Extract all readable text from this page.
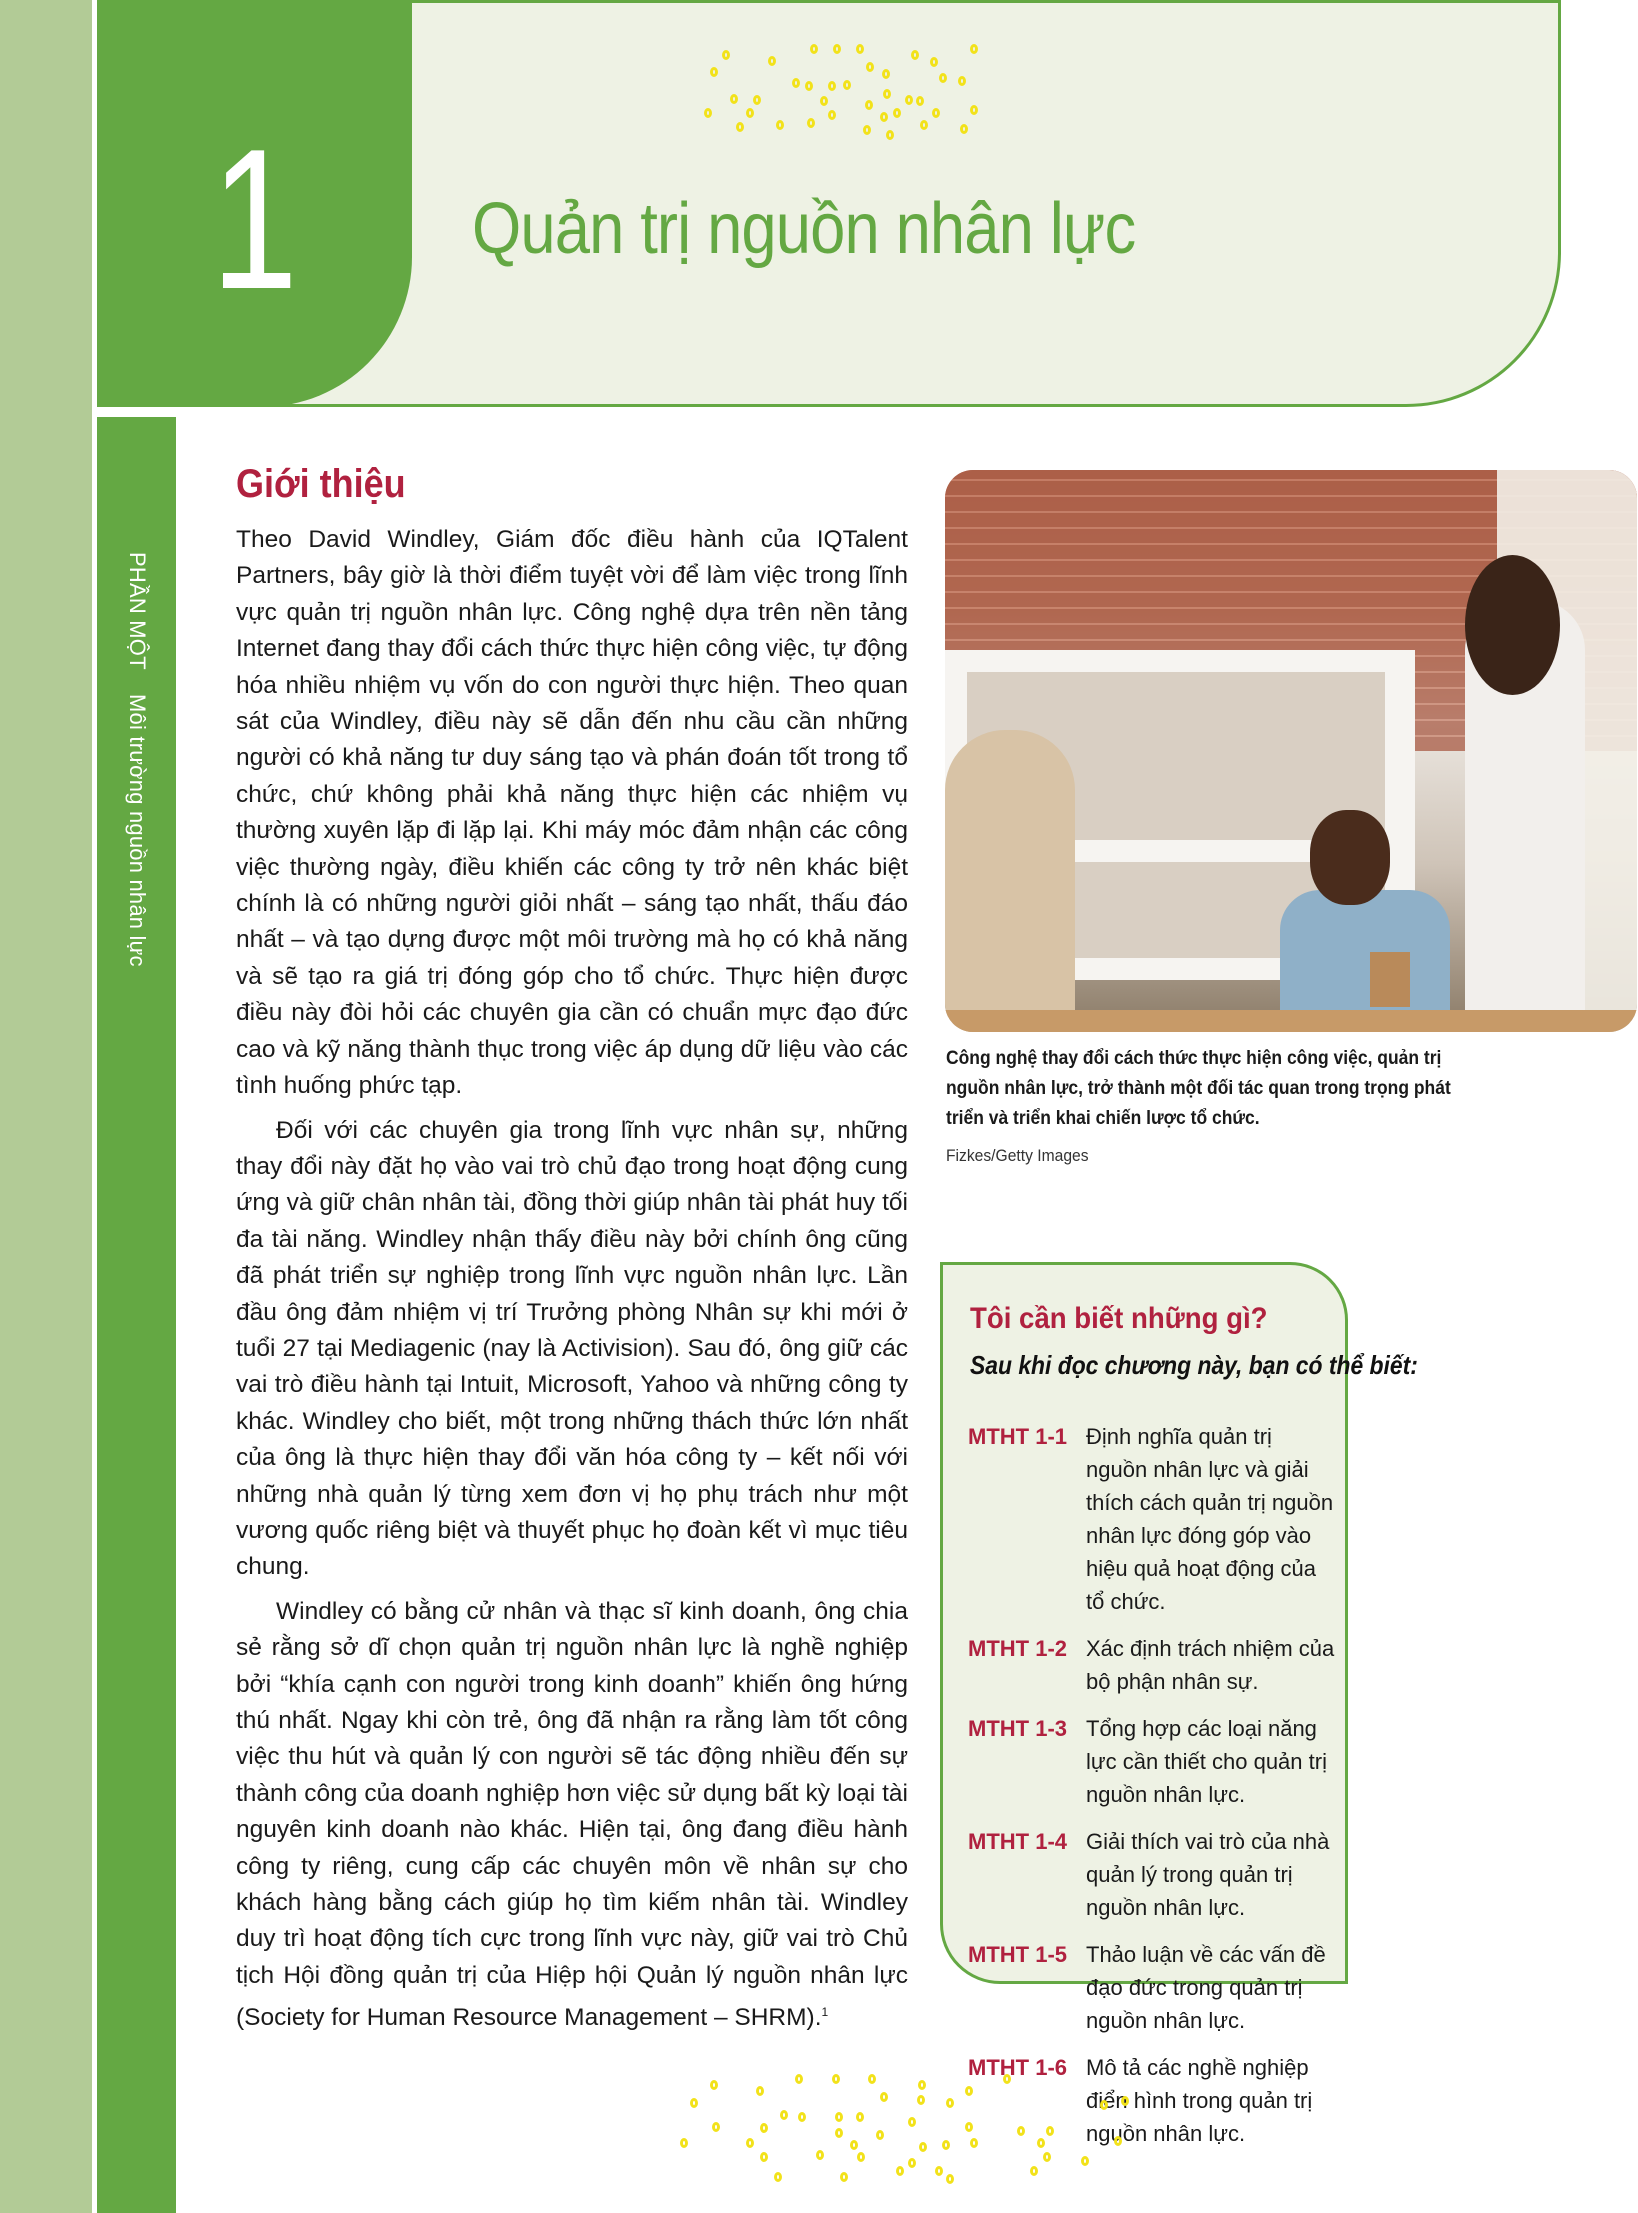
1	Quản trị nguồn nhân lực
PHẦN MỘT Môi trường nguồn nhân lực
Giới thiệu

Theo David Windley, Giám đốc điều hành của IQTalent Partners, bây giờ là thời điểm tuyệt vời để làm việc trong lĩnh vực quản trị nguồn nhân lực. Công nghệ dựa trên nền tảng Internet đang thay đổi cách thức thực hiện công việc, tự động hóa nhiều nhiệm vụ vốn do con người thực hiện. Theo quan sát của Windley, điều này sẽ dẫn đến nhu cầu cần những người có khả năng tư duy sáng tạo và phán đoán tốt trong tổ chức, chứ không phải khả năng thực hiện các nhiệm vụ thường xuyên lặp đi lặp lại. Khi máy móc đảm nhận các công việc thường ngày, điều khiến các công ty trở nên khác biệt chính là có những người giỏi nhất – sáng tạo nhất, thấu đáo nhất – và tạo dựng được một môi trường mà họ có khả năng và sẽ tạo ra giá trị đóng góp cho tổ chức. Thực hiện được điều này đòi hỏi các chuyên gia cần có chuẩn mực đạo đức cao và kỹ năng thành thục trong việc áp dụng dữ liệu vào các tình huống phức tạp.

Đối với các chuyên gia trong lĩnh vực nhân sự, những thay đổi này đặt họ vào vai trò chủ đạo trong hoạt động cung ứng và giữ chân nhân tài, đồng thời giúp nhân tài phát huy tối đa tài năng. Windley nhận thấy điều này bởi chính ông cũng đã phát triển sự nghiệp trong lĩnh vực nguồn nhân lực. Lần đầu ông đảm nhiệm vị trí Trưởng phòng Nhân sự khi mới ở tuổi 27 tại Mediagenic (nay là Activision). Sau đó, ông giữ các vai trò điều hành tại Intuit, Microsoft, Yahoo và những công ty khác. Windley cho biết, một trong những thách thức lớn nhất của ông là thực hiện thay đổi văn hóa công ty – kết nối với những nhà quản lý từng xem đơn vị họ phụ trách như một vương quốc riêng biệt và thuyết phục họ đoàn kết vì mục tiêu chung.

Windley có bằng cử nhân và thạc sĩ kinh doanh, ông chia sẻ rằng sở dĩ chọn quản trị nguồn nhân lực là nghề nghiệp bởi “khía cạnh con người trong kinh doanh” khiến ông hứng thú nhất. Ngay khi còn trẻ, ông đã nhận ra rằng làm tốt công việc thu hút và quản lý con người sẽ tác động nhiều đến sự thành công của doanh nghiệp hơn việc sử dụng bất kỳ loại tài nguyên kinh doanh nào khác. Hiện tại, ông đang điều hành công ty riêng, cung cấp các chuyên môn về nhân sự cho khách hàng bằng cách giúp họ tìm kiếm nhân tài. Windley duy trì hoạt động tích cực trong lĩnh vực này, giữ vai trò Chủ tịch Hội đồng quản trị của Hiệp hội Quản lý nguồn nhân lực (Society for Human Resource Management – SHRM).$^1$

Công nghệ thay đổi cách thức thực hiện công việc, quản trị nguồn nhân lực, trở thành một đối tác quan trong trọng phát triển và triển khai chiến lược tổ chức.
Fizkes/Getty Images
Tôi cần biết những gì?
Sau khi đọc chương này, bạn có thể biết:
MTHT 1-1 Định nghĩa quản trị nguồn nhân lực và giải thích cách quản trị nguồn nhân lực đóng góp vào hiệu quả hoạt động của tổ chức.
MTHT 1-2 Xác định trách nhiệm của bộ phận nhân sự.
MTHT 1-3 Tổng hợp các loại năng lực cần thiết cho quản trị nguồn nhân lực.
MTHT 1-4 Giải thích vai trò của nhà quản lý trong quản trị nguồn nhân lực.
MTHT 1-5 Thảo luận về các vấn đề đạo đức trong quản trị nguồn nhân lực.
MTHT 1-6 Mô tả các nghề nghiệp điển hình trong quản trị nguồn nhân lực.
